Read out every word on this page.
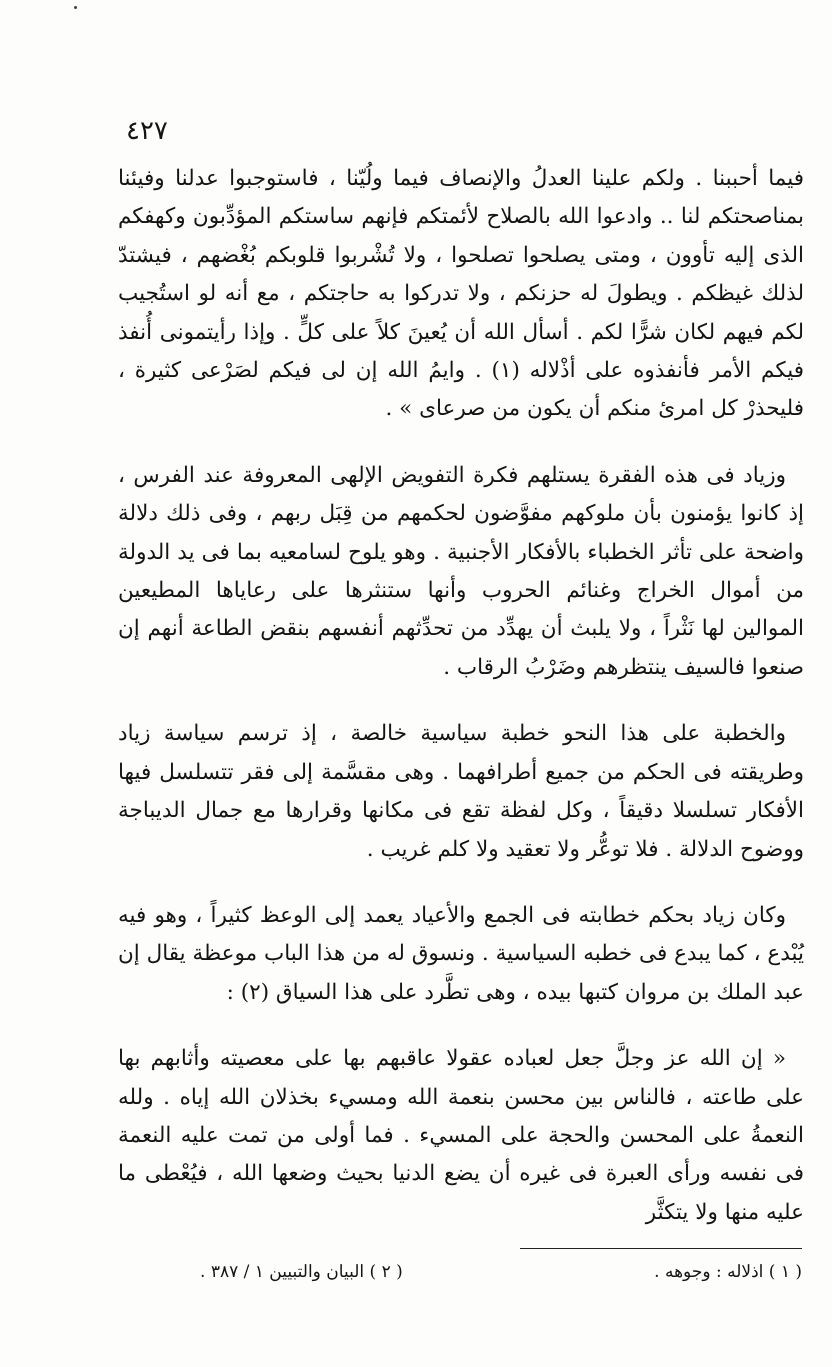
٤٢٧

فيما أحببنا . ولكم علينا العدلُ والإنصاف فيما ولُيّنا ، فاستوجبوا عدلنا وفيئنا بمناصحتكم لنا .. وادعوا الله بالصلاح لأئمتكم فإنهم ساستكم المؤدِّبون وكهفكم الذى إليه تأوون ، ومتى يصلحوا تصلحوا ، ولا تُشْربوا قلوبكم بُغْضهم ، فيشتدّ لذلك غيظكم . ويطولَ له حزنكم ، ولا تدركوا به حاجتكم ، مع أنه لو استُجيب لكم فيهم لكان شرًّا لكم . أسأل الله أن يُعينَ كلاً على كلٍّ . وإذا رأيتمونى أُنفذ فيكم الأمر فأنفذوه على أذْلاله (١) . وايمُ الله إن لى فيكم لصَرْعى كثيرة ، فليحذرْ كل امرئ منكم أن يكون من صرعاى » .

وزياد فى هذه الفقرة يستلهم فكرة التفويض الإلهى المعروفة عند الفرس ، إذ كانوا يؤمنون بأن ملوكهم مفوَّضون لحكمهم من قِبَل ربهم ، وفى ذلك دلالة واضحة على تأثر الخطباء بالأفكار الأجنبية . وهو يلوح لسامعيه بما فى يد الدولة من أموال الخراج وغنائم الحروب وأنها ستنثرها على رعاياها المطيعين الموالين لها نَثْراً ، ولا يلبث أن يهدِّد من تحدِّثهم أنفسهم بنقض الطاعة أنهم إن صنعوا فالسيف ينتظرهم وضَرْبُ الرقاب .

والخطبة على هذا النحو خطبة سياسية خالصة ، إذ ترسم سياسة زياد وطريقته فى الحكم من جميع أطرافهما . وهى مقسَّمة إلى فقر تتسلسل فيها الأفكار تسلسلا دقيقاً ، وكل لفظة تقع فى مكانها وقرارها مع جمال الديباجة ووضوح الدلالة . فلا توعُّر ولا تعقيد ولا كلم غريب .

وكان زياد بحكم خطابته فى الجمع والأعياد يعمد إلى الوعظ كثيراً ، وهو فيه يُبْدع ، كما يبدع فى خطبه السياسية . ونسوق له من هذا الباب موعظة يقال إن عبد الملك بن مروان كتبها بيده ، وهى تطَّرد على هذا السياق (٢) :

« إن الله عز وجلَّ جعل لعباده عقولا عاقبهم بها على معصيته وأثابهم بها على طاعته ، فالناس بين محسن بنعمة الله ومسيء بخذلان الله إياه . ولله النعمةُ على المحسن والحجة على المسيء . فما أولى من تمت عليه النعمة فى نفسه ورأى العبرة فى غيره أن يضع الدنيا بحيث وضعها الله ، فيُعْطى ما عليه منها ولا يتكثَّر

( ١ ) اذلاله : وجوهه .
( ٢ ) البيان والتبيين ١ / ٣٨٧ .
